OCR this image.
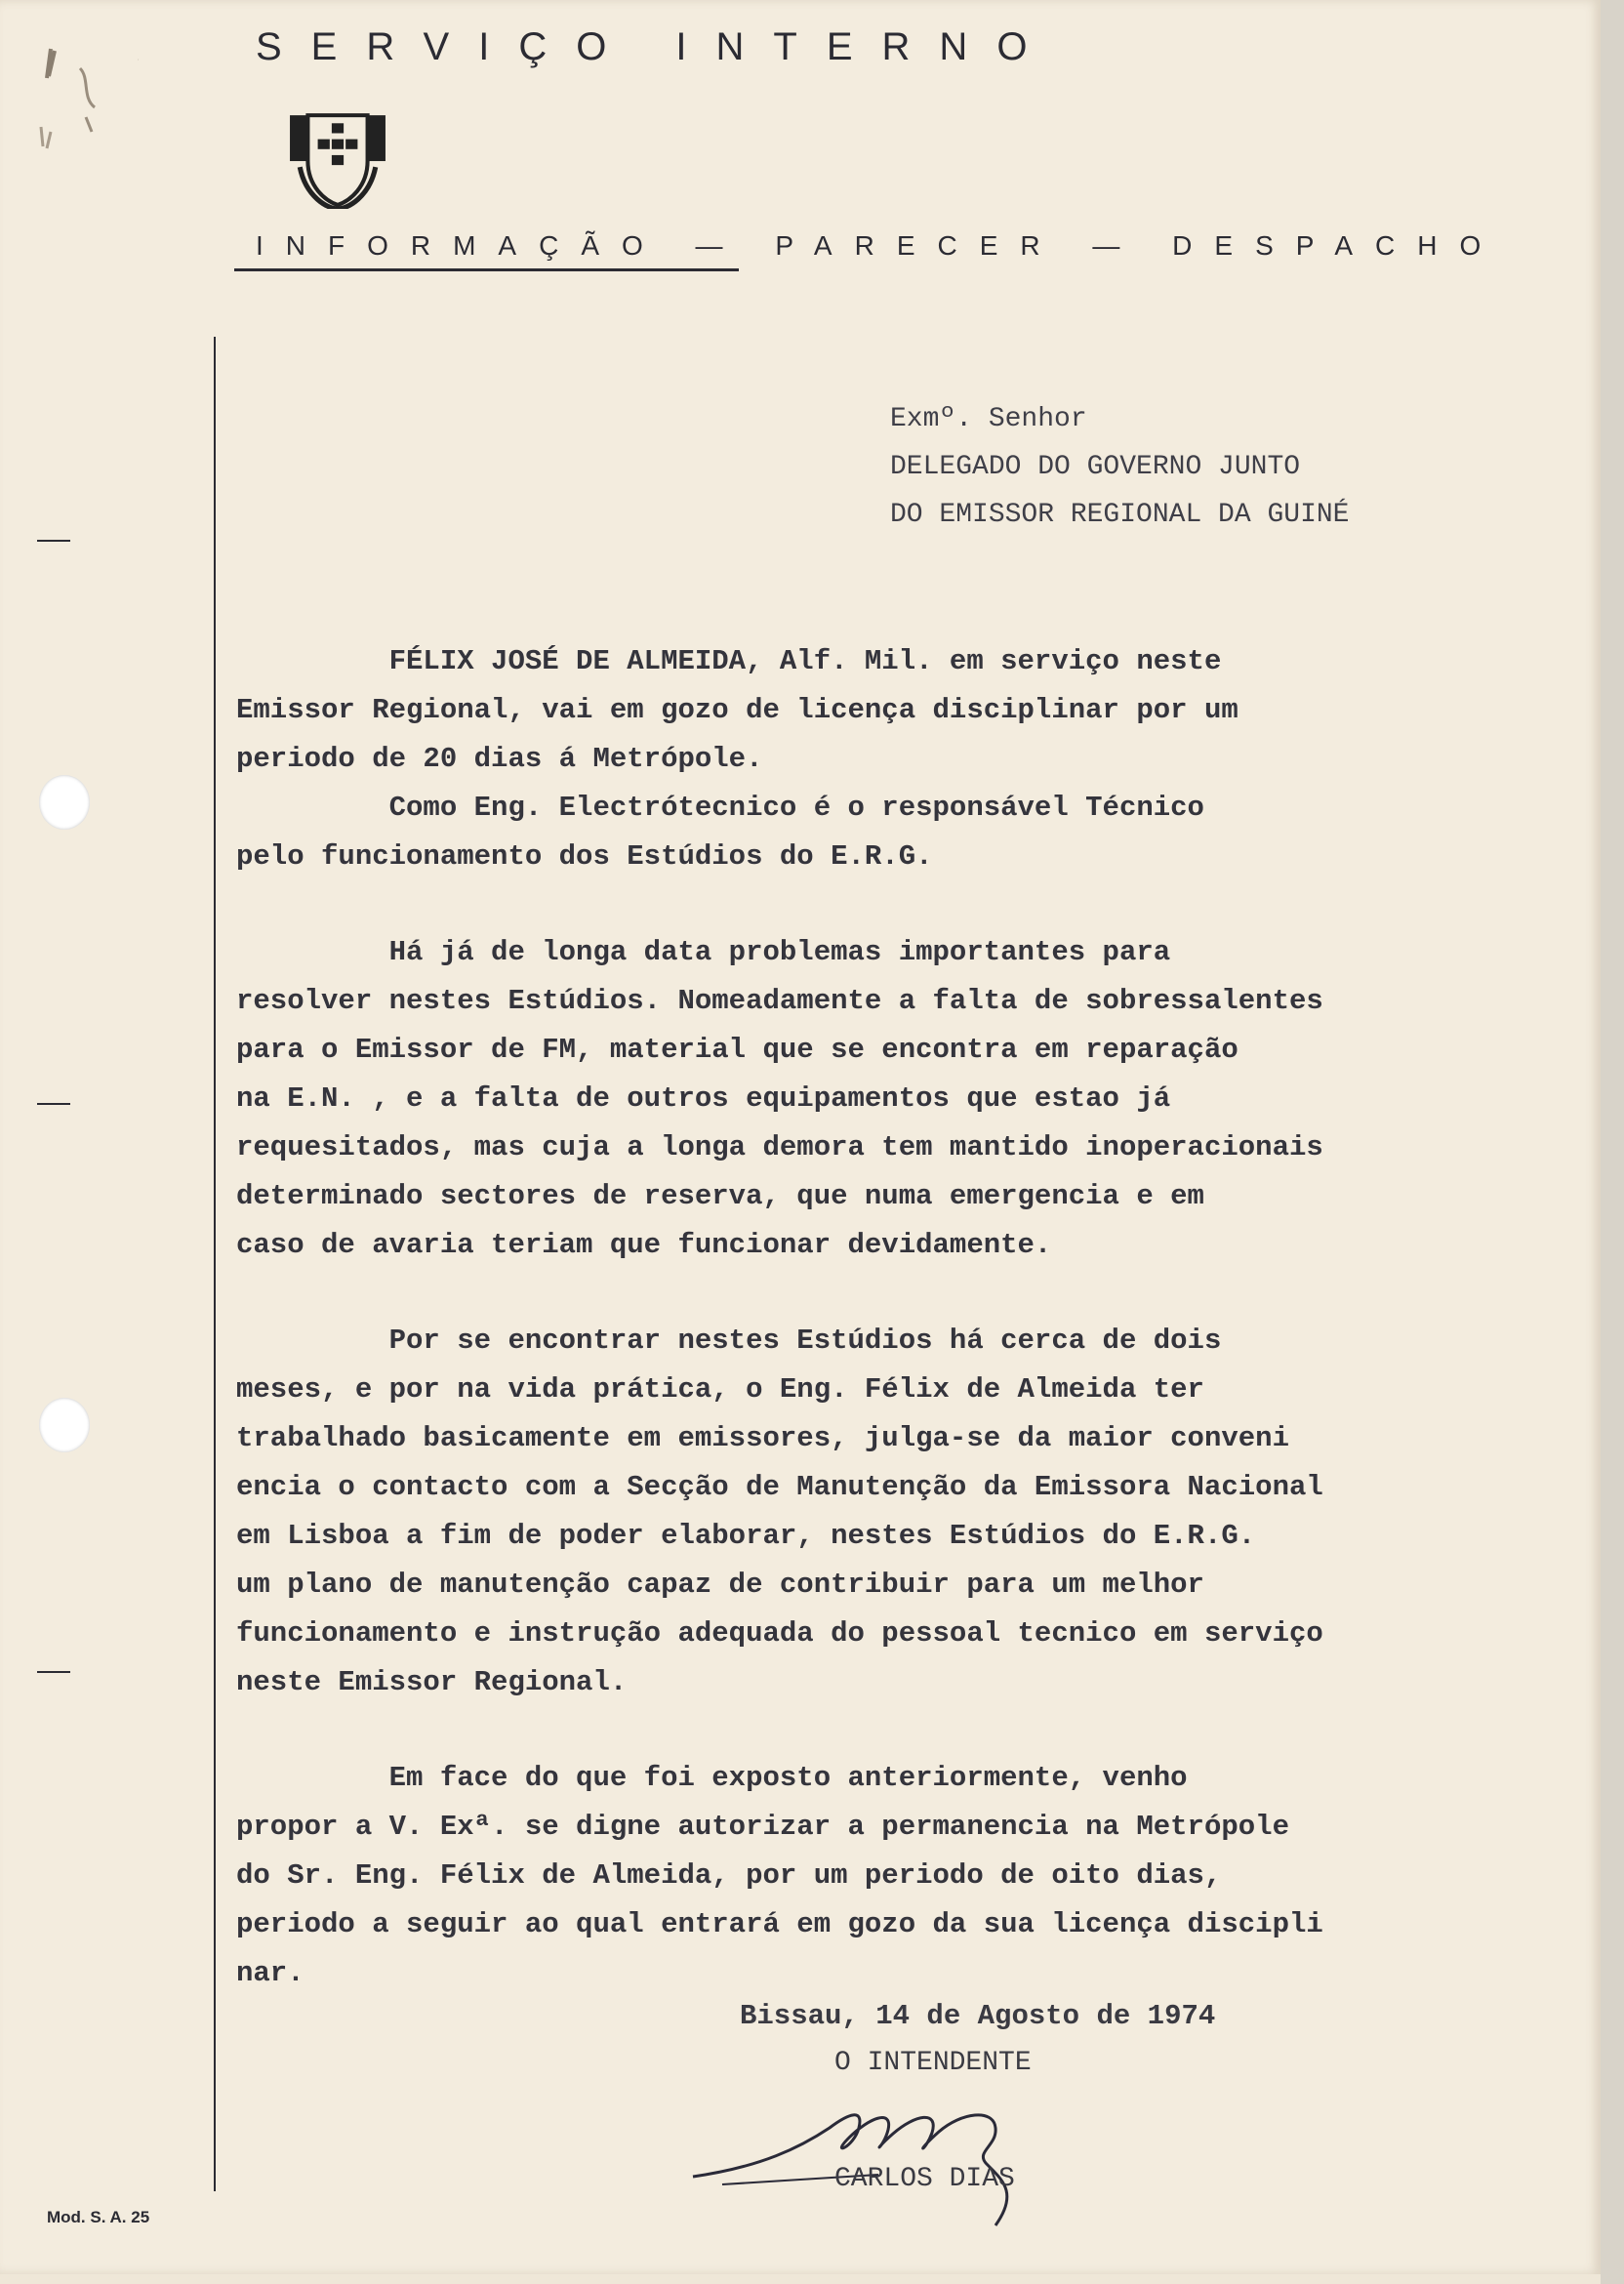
SERVIÇO INTERNO
INFORMAÇÃO — PARECER — DESPACHO
Exmº. Senhor
DELEGADO DO GOVERNO JUNTO
DO EMISSOR REGIONAL DA GUINÉ
FÉLIX JOSÉ DE ALMEIDA, Alf. Mil. em serviço neste
Emissor Regional, vai em gozo de licença disciplinar por um
periodo de 20 dias á Metrópole.
Como Eng. Electrótecnico é o responsável Técnico
pelo funcionamento dos Estúdios do E.R.G.
Há já de longa data problemas importantes para
resolver nestes Estúdios. Nomeadamente a falta de sobressalentes
para o Emissor de FM, material que se encontra em reparação
na E.N. , e a falta de outros equipamentos que estao já
requesitados, mas cuja a longa demora tem mantido inoperacionais
determinado sectores de reserva, que numa emergencia e em
caso de avaria teriam que funcionar devidamente.
Por se encontrar nestes Estúdios há cerca de dois
meses, e por na vida prática, o Eng. Félix de Almeida ter
trabalhado basicamente em emissores, julga-se da maior conveni
encia o contacto com a Secção de Manutenção da Emissora Nacional
em Lisboa a fim de poder elaborar, nestes Estúdios do E.R.G.
um plano de manutenção capaz de contribuir para um melhor
funcionamento e instrução adequada do pessoal tecnico em serviço
neste Emissor Regional.
Em face do que foi exposto anteriormente, venho
propor a V. Exª. se digne autorizar a permanencia na Metrópole
do Sr. Eng. Félix de Almeida, por um periodo de oito dias,
periodo a seguir ao qual entrará em gozo da sua licença discipli
nar.
Bissau, 14 de Agosto de 1974
O INTENDENTE
CARLOS DIAS
Mod. S. A. 25
